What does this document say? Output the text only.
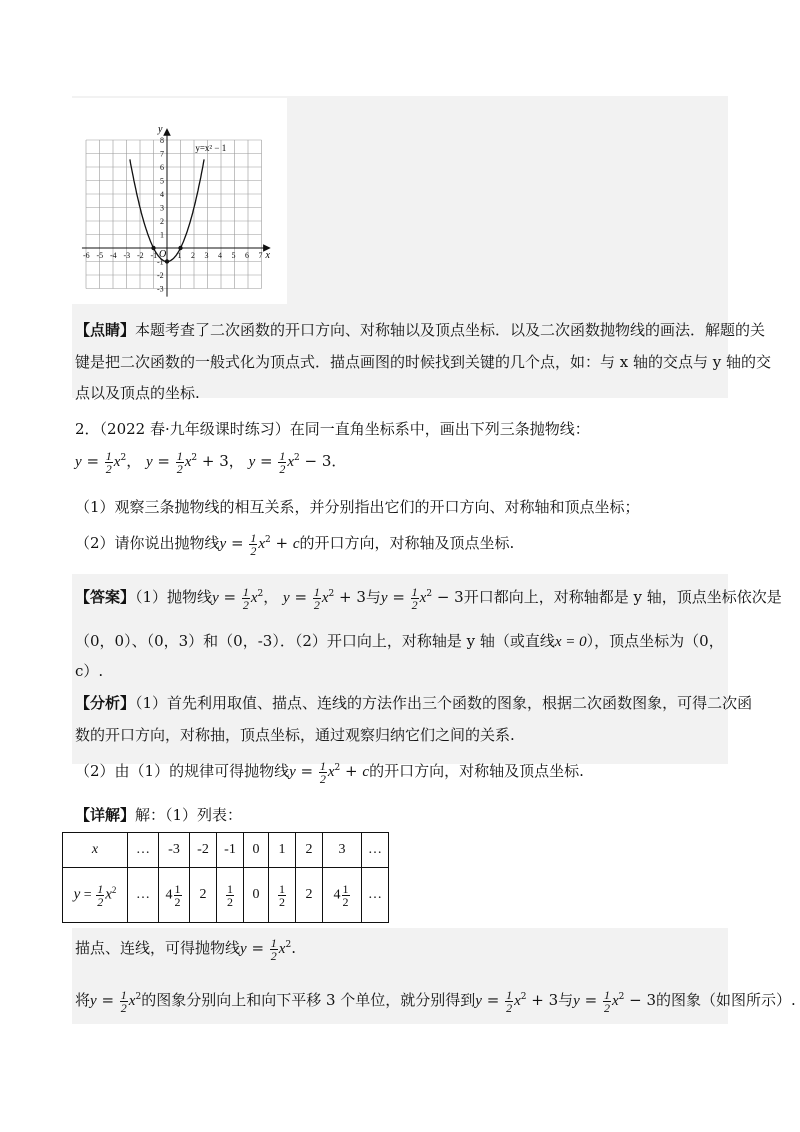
x
y
O
y=x² − 1
-6 -5 -4 -3 -2 -1	1 2 3 4 5 6 7
8
7
6
5
4
3
2
1
-1
-2
-3
【点睛】本题考查了二次函数的开口方向、对称轴以及顶点坐标．以及二次函数抛物线的画法．解题的关
键是把二次函数的一般式化为顶点式．描点画图的时候找到关键的几个点，如：与 x 轴的交点与 y 轴的交
点以及顶点的坐标.
2．（2022 春·九年级课时练习）在同一直角坐标系中，画出下列三条抛物线：
$y = \frac{1}{2} x^2$， $y = \frac{1}{2} x^2 + 3$， $y = \frac{1}{2} x^2 - 3$．
（1）观察三条抛物线的相互关系，并分别指出它们的开口方向、对称轴和顶点坐标；
（2）请你说出抛物线$y = \frac{1}{2} x^2 + c$的开口方向，对称轴及顶点坐标.
【答案】（1）抛物线$y = \frac{1}{2} x^2$， $y = \frac{1}{2} x^2 + 3$与$y = \frac{1}{2} x^2 - 3$开口都向上，对称轴都是 y 轴，顶点坐标依次是
（0，0）、（0，3）和（0，-3）．（2）开口向上，对称轴是 y 轴（或直线x = 0），顶点坐标为（0，
c）.
【分析】（1）首先利用取值、描点、连线的方法作出三个函数的图象，根据二次函数图象，可得二次函
数的开口方向，对称抽，顶点坐标，通过观察归纳它们之间的关系.
（2）由（1）的规律可得抛物线$y = \frac{1}{2} x^2 + c$的开口方向，对称轴及顶点坐标.
【详解】解：（1）列表：
x	…	-3	-2	-1	0	1	2	3	…
$y = \frac{1}{2} x^2$	…	$4 \frac{1}{2}$	2	$\frac{1}{2}$	0	$\frac{1}{2}$	2	$4 \frac{1}{2}$	…
描点、连线，可得抛物线$y = \frac{1}{2} x^2$.
将$y = \frac{1}{2} x^2$的图象分别向上和向下平移 3 个单位，就分别得到$y = \frac{1}{2} x^2 + 3$与$y = \frac{1}{2} x^2 - 3$的图象（如图所示）.
